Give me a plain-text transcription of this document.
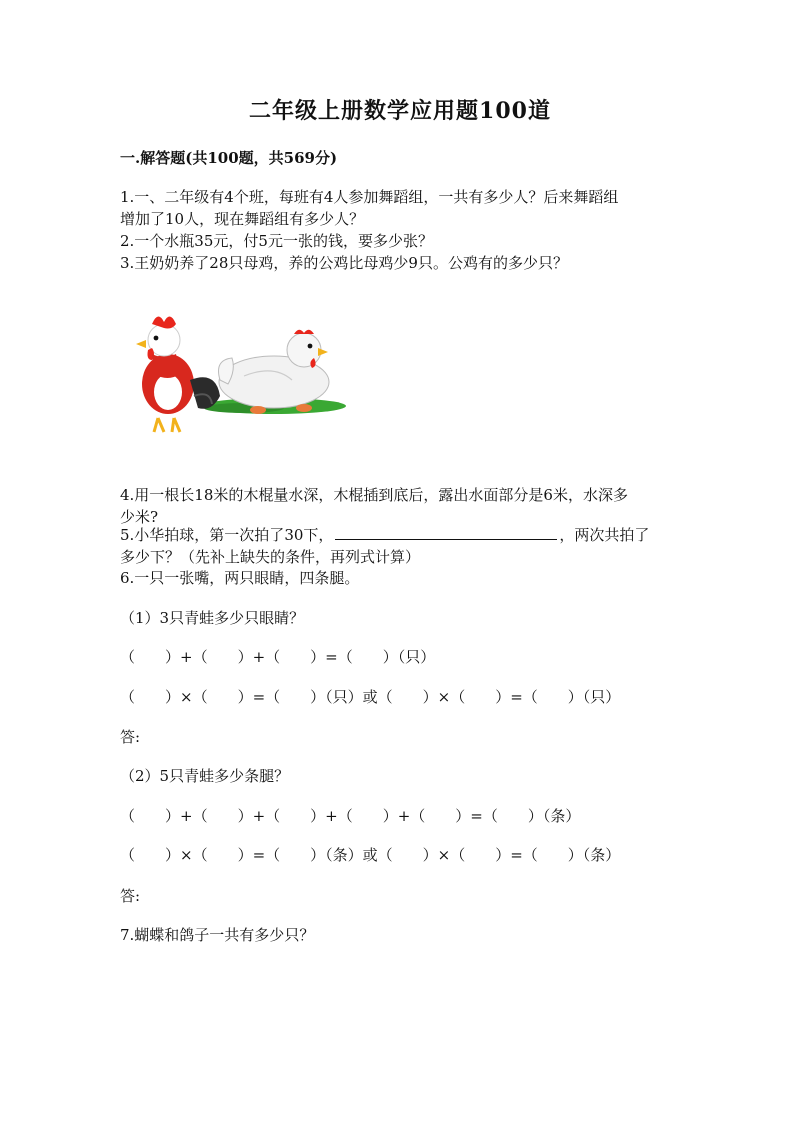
二年级上册数学应用题100道
一.解答题(共100题，共569分)
1.一、二年级有4个班，每班有4人参加舞蹈组，一共有多少人？后来舞蹈组
增加了10人，现在舞蹈组有多少人？
2.一个水瓶35元，付5元一张的钱，要多少张？
3.王奶奶养了28只母鸡，养的公鸡比母鸡少9只。公鸡有的多少只？
4.用一根长18米的木棍量水深，木棍插到底后，露出水面部分是6米，水深多
少米?
5.小华拍球，第一次拍了30下，	，两次共拍了
多少下？（先补上缺失的条件，再列式计算）
6.一只一张嘴，两只眼睛，四条腿。
（1）3只青蛙多少只眼睛？
（　　）+（　　）+（　　）=（　　）（只）
（　　）×（　　）=（　　）（只）或（　　）×（　　）=（　　）（只）
答:
（2）5只青蛙多少条腿？
（　　）+（　　）+（　　）+（　　）+（　　）=（　　）（条）
（　　）×（　　）=（　　）（条）或（　　）×（　　）=（　　）（条）
答:
7.蝴蝶和鸽子一共有多少只？
